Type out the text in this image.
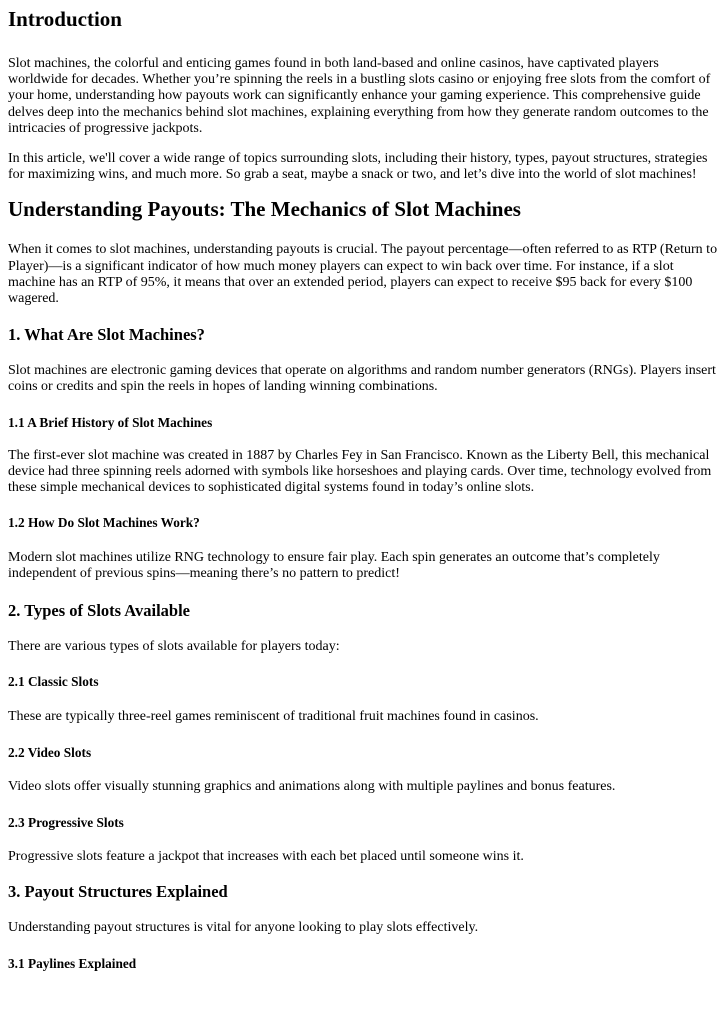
Introduction

Slot machines, the colorful and enticing games found in both land-based and online casinos, have captivated players worldwide for decades. Whether you’re spinning the reels in a bustling slots casino or enjoying free slots from the comfort of your home, understanding how payouts work can significantly enhance your gaming experience. This comprehensive guide delves deep into the mechanics behind slot machines, explaining everything from how they generate random outcomes to the intricacies of progressive jackpots.

In this article, we'll cover a wide range of topics surrounding slots, including their history, types, payout structures, strategies for maximizing wins, and much more. So grab a seat, maybe a snack or two, and let’s dive into the world of slot machines!

Understanding Payouts: The Mechanics of Slot Machines

When it comes to slot machines, understanding payouts is crucial. The payout percentage—often referred to as RTP (Return to Player)—is a significant indicator of how much money players can expect to win back over time. For instance, if a slot machine has an RTP of 95%, it means that over an extended period, players can expect to receive $95 back for every $100 wagered.

1. What Are Slot Machines?

Slot machines are electronic gaming devices that operate on algorithms and random number generators (RNGs). Players insert coins or credits and spin the reels in hopes of landing winning combinations.

1.1 A Brief History of Slot Machines

The first-ever slot machine was created in 1887 by Charles Fey in San Francisco. Known as the Liberty Bell, this mechanical device had three spinning reels adorned with symbols like horseshoes and playing cards. Over time, technology evolved from these simple mechanical devices to sophisticated digital systems found in today’s online slots.

1.2 How Do Slot Machines Work?

Modern slot machines utilize RNG technology to ensure fair play. Each spin generates an outcome that’s completely independent of previous spins—meaning there’s no pattern to predict!

2. Types of Slots Available

There are various types of slots available for players today:

2.1 Classic Slots

These are typically three-reel games reminiscent of traditional fruit machines found in casinos.

2.2 Video Slots

Video slots offer visually stunning graphics and animations along with multiple paylines and bonus features.

2.3 Progressive Slots

Progressive slots feature a jackpot that increases with each bet placed until someone wins it.

3. Payout Structures Explained

Understanding payout structures is vital for anyone looking to play slots effectively.

3.1 Paylines Explained
